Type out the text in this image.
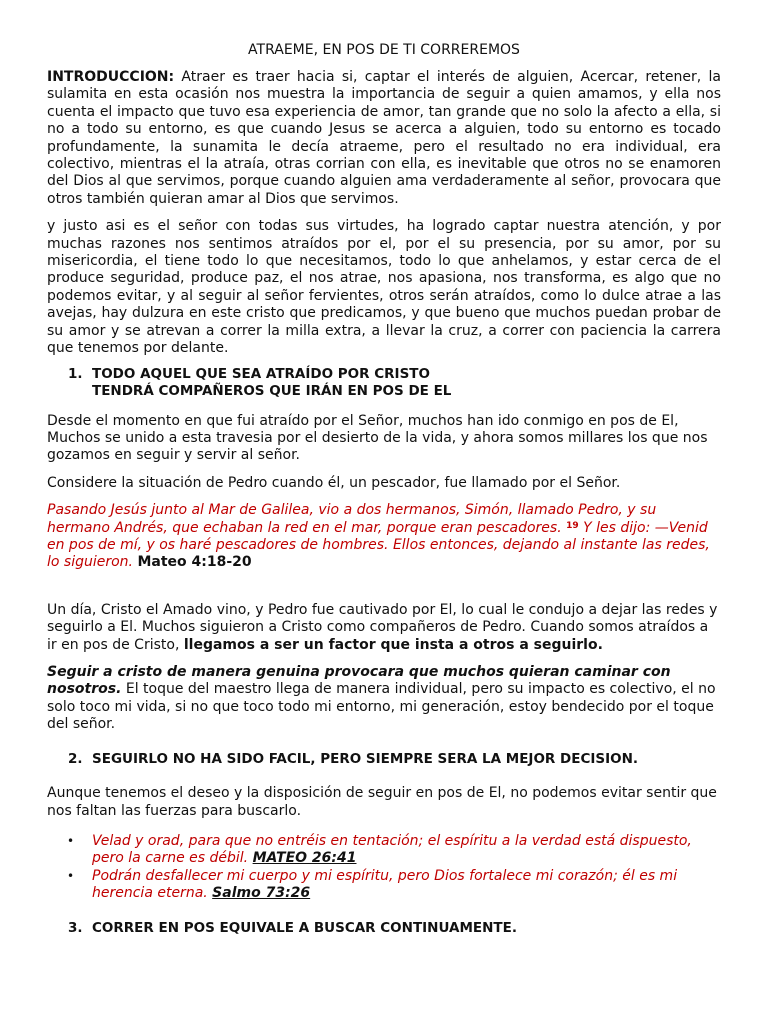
ATRAEME, EN POS DE TI CORREREMOS

INTRODUCCION: Atraer es traer hacia si, captar el interés de alguien, Acercar, retener, la sulamita en esta ocasión nos muestra la importancia de seguir a quien amamos, y ella nos cuenta el impacto que tuvo esa experiencia de amor, tan grande que no solo la afecto a ella, si no a todo su entorno, es que cuando Jesus se acerca a alguien, todo su entorno es tocado profundamente, la sunamita le decía atraeme, pero el resultado no era individual, era colectivo, mientras el la atraía, otras corrian con ella, es inevitable que otros no se enamoren del Dios al que servimos, porque cuando alguien ama verdaderamente al señor, provocara que otros también quieran amar al Dios que servimos.

y justo asi es el señor con todas sus virtudes, ha logrado captar nuestra atención, y por muchas razones nos sentimos atraídos por el, por el su presencia, por su amor, por su misericordia, el tiene todo lo que necesitamos, todo lo que anhelamos, y estar cerca de el produce seguridad, produce paz, el nos atrae, nos apasiona, nos transforma, es algo que no podemos evitar, y al seguir al señor fervientes, otros serán atraídos, como lo dulce atrae a las avejas, hay dulzura en este cristo que predicamos, y que bueno que muchos puedan probar de su amor y se atrevan a correr la milla extra, a llevar la cruz, a correr con paciencia la carrera que tenemos por delante.

1. TODO AQUEL QUE SEA ATRAÍDO POR CRISTO
TENDRÁ COMPAÑEROS QUE IRÁN EN POS DE EL

Desde el momento en que fui atraído por el Señor, muchos han ido conmigo en pos de El, Muchos se unido a esta travesia por el desierto de la vida, y ahora somos millares los que nos gozamos en seguir y servir al señor.

Considere la situación de Pedro cuando él, un pescador, fue llamado por el Señor.

Pasando Jesús junto al Mar de Galilea, vio a dos hermanos, Simón, llamado Pedro, y su hermano Andrés, que echaban la red en el mar, porque eran pescadores. $^{19}$ Y les dijo: —Venid en pos de mí, y os haré pescadores de hombres. Ellos entonces, dejando al instante las redes, lo siguieron. Mateo 4:18-20

Un día, Cristo el Amado vino, y Pedro fue cautivado por El, lo cual le condujo a dejar las redes y seguirlo a El. Muchos siguieron a Cristo como compañeros de Pedro. Cuando somos atraídos a ir en pos de Cristo, llegamos a ser un factor que insta a otros a seguirlo.

Seguir a cristo de manera genuina provocara que muchos quieran caminar con nosotros. El toque del maestro llega de manera individual, pero su impacto es colectivo, el no solo toco mi vida, si no que toco todo mi entorno, mi generación, estoy bendecido por el toque del señor.

2. SEGUIRLO NO HA SIDO FACIL, PERO SIEMPRE SERA LA MEJOR DECISION.

Aunque tenemos el deseo y la disposición de seguir en pos de El, no podemos evitar sentir que nos faltan las fuerzas para buscarlo.

• Velad y orad, para que no entréis en tentación; el espíritu a la verdad está dispuesto, pero la carne es débil. MATEO 26:41
• Podrán desfallecer mi cuerpo y mi espíritu, pero Dios fortalece mi corazón; él es mi herencia eterna. Salmo 73:26
3. CORRER EN POS EQUIVALE A BUSCAR CONTINUAMENTE.
